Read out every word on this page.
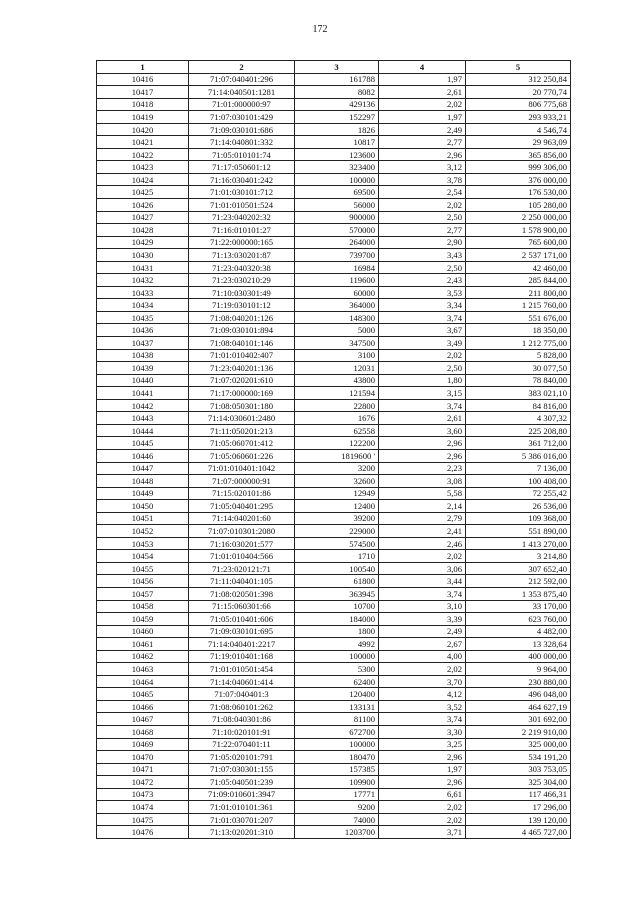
172
1	2	3	4	5
10416	71:07:040401:296	161788	1,97	312 250,84
10417	71:14:040501:1281	8082	2,61	20 770,74
10418	71:01:000000:97	429136	2,02	806 775,68
10419	71:07:030101:429	152297	1,97	293 933,21
10420	71:09:030101:686	1826	2,49	4 546,74
10421	71:14:040801:332	10817	2,77	29 963,09
10422	71:05:010101:74	123600	2,96	365 856,00
10423	71:17:050601:12	323400	3,12	999 306,00
10424	71:16:030401:242	100000	3,78	376 000,00
10425	71:01:030101:712	69500	2,54	176 530,00
10426	71:01:010501:524	56000	2,02	105 280,00
10427	71:23:040202:32	900000	2,50	2 250 000,00
10428	71:16:010101:27	570000	2,77	1 578 900,00
10429	71:22:000000:165	264000	2,90	765 600,00
10430	71:13:030201:87	739700	3,43	2 537 171,00
10431	71:23:040320:38	16984	2,50	42 460,00
10432	71:23:030210:29	119600	2,43	285 844,00
10433	71:10:030301:49	60000	3,53	211 800,00
10434	71:19:030101:12	364000	3,34	1 215 760,00
10435	71:08:040201:126	148300	3,74	551 676,00
10436	71:09:030101:894	5000	3,67	18 350,00
10437	71:08:040101:146	347500	3,49	1 212 775,00
10438	71:01:010402:407	3100	2,02	5 828,00
10439	71:23:040201:136	12031	2,50	30 077,50
10440	71:07:020201:610	43800	1,80	78 840,00
10441	71:17:000000:169	121594	3,15	383 021,10
10442	71:08:050301:180	22800	3,74	84 816,00
10443	71:14:030601:2480	1676	2,61	4 307,32
10444	71:11:050201:213	62558	3,60	225 208,80
10445	71:05:060701:412	122200	2,96	361 712,00
10446	71:05:060601:226	1819600 '	2,96	5 386 016,00
10447	71:01:010401:1042	3200	2,23	7 136,00
10448	71:07:000000:91	32600	3,08	100 408,00
10449	71:15:020101:86	12949	5,58	72 255,42
10450	71:05:040401:295	12400	2,14	26 536,00
10451	71:14:040201:60	39200	2,79	109 368,00
10452	71:07:010301:2080	229000	2,41	551 890,00
10453	71:16:030201:577	574500	2,46	1 413 270,00
10454	71:01:010404:566	1710	2,02	3 214,80
10455	71:23:020121:71	100540	3,06	307 652,40
10456	71:11:040401:105	61800	3,44	212 592,00
10457	71:08:020501:398	363945	3,74	1 353 875,40
10458	71:15:060301:66	10700	3,10	33 170,00
10459	71:05:010401:606	184000	3,39	623 760,00
10460	71:09:030101:695	1800	2,49	4 482,00
10461	71:14:040401:2217	4992	2,67	13 328,64
10462	71:19:010401:168	100000	4,00	400 000,00
10463	71:01:010501:454	5300	2,02	9 964,00
10464	71:14:040601:414	62400	3,70	230 880,00
10465	71:07:040401:3	120400	4,12	496 048,00
10466	71:08:060101:262	133131	3,52	464 627,19
10467	71:08:040301:86	81100	3,74	301 692,00
10468	71:10:020101:91	672700	3,30	2 219 910,00
10469	71:22:070401:11	100000	3,25	325 000,00
10470	71:05:020101:791	180470	2,96	534 191,20
10471	71:07:030301:155	157385	1,97	303 753,05
10472	71:05:040501:239	109900	2,96	325 304,00
10473	71:09:010601:3947	17771	6,61	117 466,31
10474	71:01:010101:361	9200	2,02	17 296,00
10475	71:01:030701:207	74000	2,02	139 120,00
10476	71:13:020201:310	1203700	3,71	4 465 727,00
